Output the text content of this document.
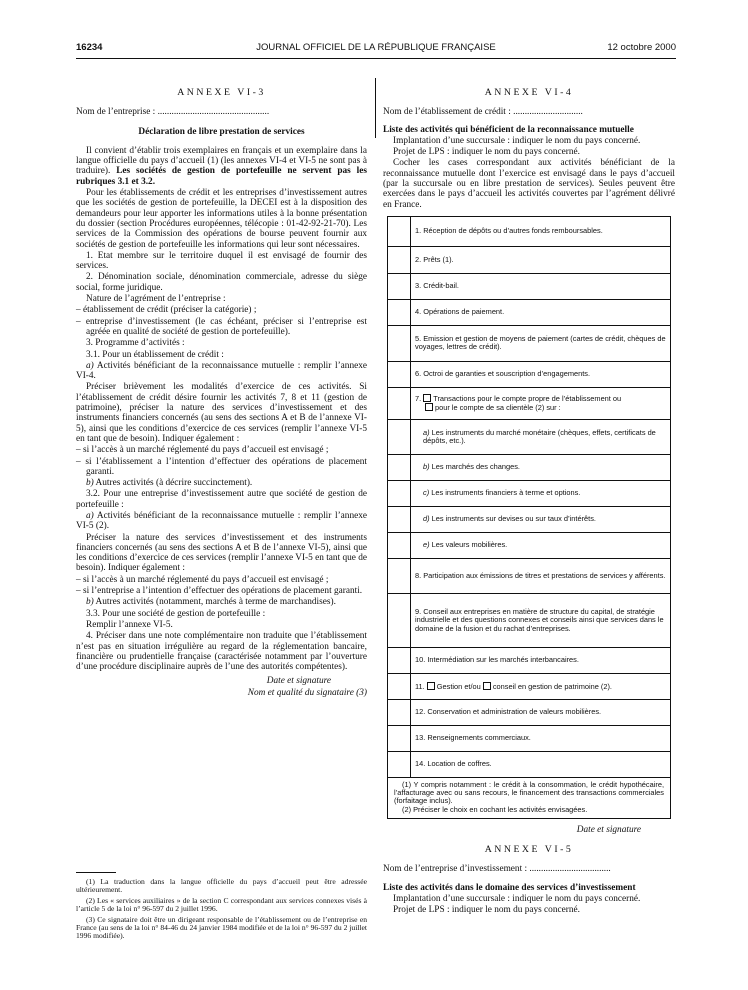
16234	JOURNAL OFFICIEL DE LA RÉPUBLIQUE FRANÇAISE	12 octobre 2000

ANNEXE VI-3

Nom de l’entreprise : ................................................

Déclaration de libre prestation de services

Il convient d’établir trois exemplaires en français et un exemplaire dans la langue officielle du pays d’accueil (1) (les annexes VI-4 et VI-5 ne sont pas à traduire). Les sociétés de gestion de portefeuille ne servent pas les rubriques 3.1 et 3.2.

Pour les établissements de crédit et les entreprises d’investissement autres que les sociétés de gestion de portefeuille, la DECEI est à la disposition des demandeurs pour leur apporter les informations utiles à la bonne présentation du dossier (section Procédures européennes, télécopie : 01-42-92-21-70). Les services de la Commission des opérations de bourse peuvent fournir aux sociétés de gestion de portefeuille les informations qui leur sont nécessaires.

1. Etat membre sur le territoire duquel il est envisagé de fournir des services.

2. Dénomination sociale, dénomination commerciale, adresse du siège social, forme juridique.

Nature de l’agrément de l’entreprise :

– établissement de crédit (préciser la catégorie) ;

– entreprise d’investissement (le cas échéant, préciser si l’entreprise est agréée en qualité de société de gestion de portefeuille).

3. Programme d’activités :

3.1. Pour un établissement de crédit :

a) Activités bénéficiant de la reconnaissance mutuelle : remplir l’annexe VI-4.

Préciser brièvement les modalités d’exercice de ces activités. Si l’établissement de crédit désire fournir les activités 7, 8 et 11 (gestion de patrimoine), préciser la nature des services d’investissement et des instruments financiers concernés (au sens des sections A et B de l’annexe VI-5), ainsi que les conditions d’exercice de ces services (remplir l’annexe VI-5 en tant que de besoin). Indiquer également :

– si l’accès à un marché réglementé du pays d’accueil est envisagé ;

– si l’établissement a l’intention d’effectuer des opérations de placement garanti.

b) Autres activités (à décrire succinctement).

3.2. Pour une entreprise d’investissement autre que société de gestion de portefeuille :

a) Activités bénéficiant de la reconnaissance mutuelle : remplir l’annexe VI-5 (2).

Préciser la nature des services d’investissement et des instruments financiers concernés (au sens des sections A et B de l’annexe VI-5), ainsi que les conditions d’exercice de ces services (remplir l’annexe VI-5 en tant que de besoin). Indiquer également :

– si l’accès à un marché réglementé du pays d’accueil est envisagé ;

– si l’entreprise a l’intention d’effectuer des opérations de placement garanti.

b) Autres activités (notamment, marchés à terme de marchandises).

3.3. Pour une société de gestion de portefeuille :

Remplir l’annexe VI-5.

4. Préciser dans une note complémentaire non traduite que l’établissement n’est pas en situation irrégulière au regard de la réglementation bancaire, financière ou prudentielle française (caractérisée notamment par l’ouverture d’une procédure disciplinaire auprès de l’une des autorités compétentes).

Date et signature

Nom et qualité du signataire (3)

(1) La traduction dans la langue officielle du pays d’accueil peut être adressée ultérieurement.

(2) Les « services auxiliaires » de la section C correspondant aux services connexes visés à l’article 5 de la loi n° 96-597 du 2 juillet 1996.

(3) Ce signataire doit être un dirigeant responsable de l’établissement ou de l’entreprise en France (au sens de la loi n° 84-46 du 24 janvier 1984 modifiée et de la loi n° 96-597 du 2 juillet 1996 modifiée).

ANNEXE VI-4

Nom de l’établissement de crédit : ..............................

Liste des activités qui bénéficient de la reconnaissance mutuelle

Implantation d’une succursale : indiquer le nom du pays concerné.

Projet de LPS : indiquer le nom du pays concerné.

Cocher les cases correspondant aux activités bénéficiant de la reconnaissance mutuelle dont l’exercice est envisagé dans le pays d’accueil (par la succursale ou en libre prestation de services). Seules peuvent être exercées dans le pays d’accueil les activités couvertes par l’agrément délivré en France.

	1. Réception de dépôts ou d’autres fonds remboursables.
	2. Prêts (1).
	3. Crédit-bail.
	4. Opérations de paiement.
	5. Emission et gestion de moyens de paiement (cartes de crédit, chèques de voyages, lettres de crédit).
	6. Octroi de garanties et souscription d’engagements.
	7. Transactions pour le compte propre de l’établissement ou
pour le compte de sa clientèle (2) sur :
	a) Les instruments du marché monétaire (chèques, effets, certificats de dépôts, etc.).
	b) Les marchés des changes.
	c) Les instruments financiers à terme et options.
	d) Les instruments sur devises ou sur taux d’intérêts.
	e) Les valeurs mobilières.
	8. Participation aux émissions de titres et prestations de services y afférents.
	9. Conseil aux entreprises en matière de structure du capital, de stratégie industrielle et des questions connexes et conseils ainsi que services dans le domaine de la fusion et du rachat d’entreprises.
	10. Intermédiation sur les marchés interbancaires.
	11. Gestion et/ou conseil en gestion de patrimoine (2).
	12. Conservation et administration de valeurs mobilières.
	13. Renseignements commerciaux.
	14. Location de coffres.

(1) Y compris notamment : le crédit à la consommation, le crédit hypothécaire, l’affacturage avec ou sans recours, le financement des transactions commerciales (forfaitage inclus).

(2) Préciser le choix en cochant les activités envisagées.

Date et signature

ANNEXE VI-5

Nom de l’entreprise d’investissement : ...................................

Liste des activités dans le domaine des services d’investissement

Implantation d’une succursale : indiquer le nom du pays concerné.

Projet de LPS : indiquer le nom du pays concerné.
